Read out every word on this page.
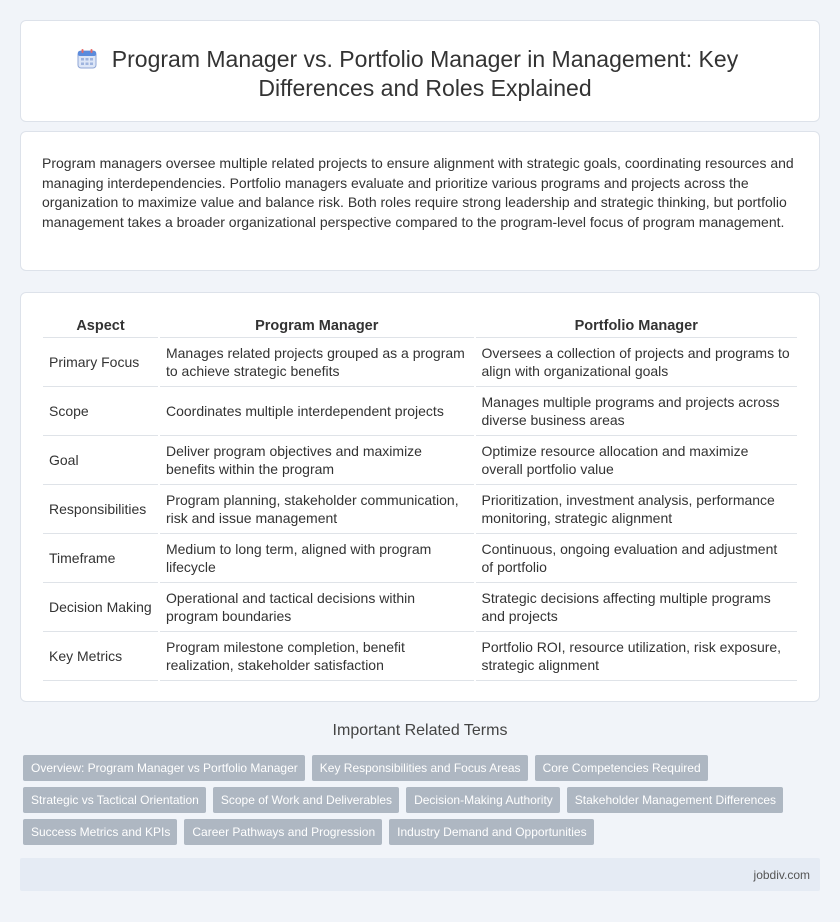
Program Manager vs. Portfolio Manager in Management: Key Differences and Roles Explained

Program managers oversee multiple related projects to ensure alignment with strategic goals, coordinating resources and managing interdependencies. Portfolio managers evaluate and prioritize various programs and projects across the organization to maximize value and balance risk. Both roles require strong leadership and strategic thinking, but portfolio management takes a broader organizational perspective compared to the program-level focus of program management.

Aspect	Program Manager	Portfolio Manager
Primary Focus	Manages related projects grouped as a program to achieve strategic benefits	Oversees a collection of projects and programs to align with organizational goals
Scope	Coordinates multiple interdependent projects	Manages multiple programs and projects across diverse business areas
Goal	Deliver program objectives and maximize benefits within the program	Optimize resource allocation and maximize overall portfolio value
Responsibilities	Program planning, stakeholder communication, risk and issue management	Prioritization, investment analysis, performance monitoring, strategic alignment
Timeframe	Medium to long term, aligned with program lifecycle	Continuous, ongoing evaluation and adjustment of portfolio
Decision Making	Operational and tactical decisions within program boundaries	Strategic decisions affecting multiple programs and projects
Key Metrics	Program milestone completion, benefit realization, stakeholder satisfaction	Portfolio ROI, resource utilization, risk exposure, strategic alignment
Important Related Terms
Overview: Program Manager vs Portfolio Manager	Key Responsibilities and Focus Areas	Core Competencies Required
Strategic vs Tactical Orientation	Scope of Work and Deliverables	Decision-Making Authority	Stakeholder Management Differences
Success Metrics and KPIs	Career Pathways and Progression	Industry Demand and Opportunities
jobdiv.com
